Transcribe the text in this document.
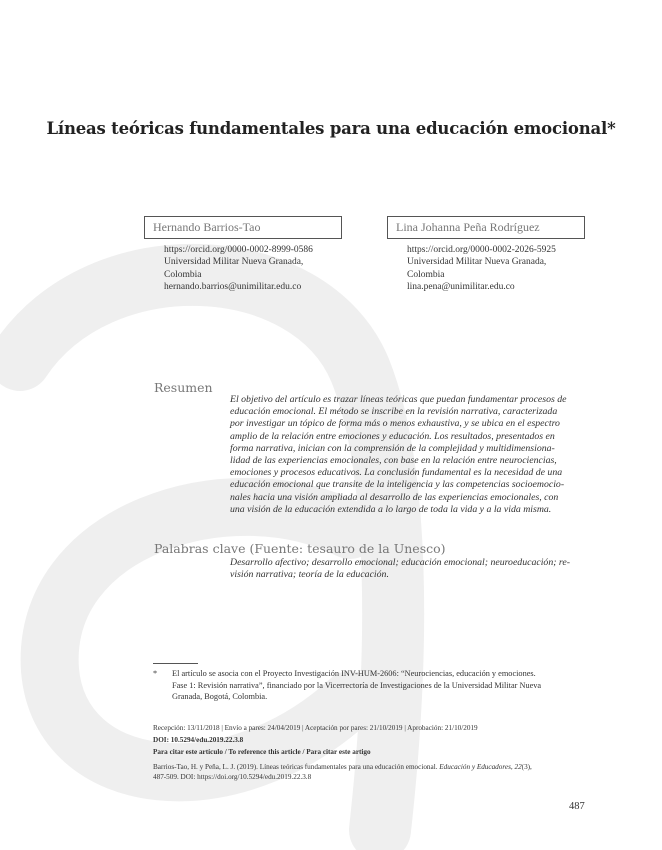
Líneas teóricas fundamentales para una educación emocional*
Hernando Barrios-Tao
https://orcid.org/0000-0002-8999-0586
Universidad Militar Nueva Granada,
Colombia
hernando.barrios@unimilitar.edu.co
Lina Johanna Peña Rodríguez
https://orcid.org/0000-0002-2026-5925
Universidad Militar Nueva Granada,
Colombia
lina.pena@unimilitar.edu.co
Resumen
El objetivo del artículo es trazar líneas teóricas que puedan fundamentar procesos de
educación emocional. El método se inscribe en la revisión narrativa, caracterizada
por investigar un tópico de forma más o menos exhaustiva, y se ubica en el espectro
amplio de la relación entre emociones y educación. Los resultados, presentados en
forma narrativa, inician con la comprensión de la complejidad y multidimensiona-
lidad de las experiencias emocionales, con base en la relación entre neurociencias,
emociones y procesos educativos. La conclusión fundamental es la necesidad de una
educación emocional que transite de la inteligencia y las competencias socioemocio-
nales hacia una visión ampliada al desarrollo de las experiencias emocionales, con
una visión de la educación extendida a lo largo de toda la vida y a la vida misma.
Palabras clave (Fuente: tesauro de la Unesco)
Desarrollo afectivo; desarrollo emocional; educación emocional; neuroeducación; re-
visión narrativa; teoría de la educación.
* El artículo se asocia con el Proyecto Investigación INV-HUM-2606: “Neurociencias, educación y emociones.
Fase 1: Revisión narrativa”, financiado por la Vicerrectoría de Investigaciones de la Universidad Militar Nueva
Granada, Bogotá, Colombia.
Recepción: 13/11/2018 | Envío a pares: 24/04/2019 | Aceptación por pares: 21/10/2019 | Aprobación: 21/10/2019
DOI: 10.5294/edu.2019.22.3.8
Para citar este artículo / To reference this article / Para citar este artigo
Barrios-Tao, H. y Peña, L. J. (2019). Líneas teóricas fundamentales para una educación emocional. Educación y Educadores, 22(3),
487-509. DOI: https://doi.org/10.5294/edu.2019.22.3.8
487
